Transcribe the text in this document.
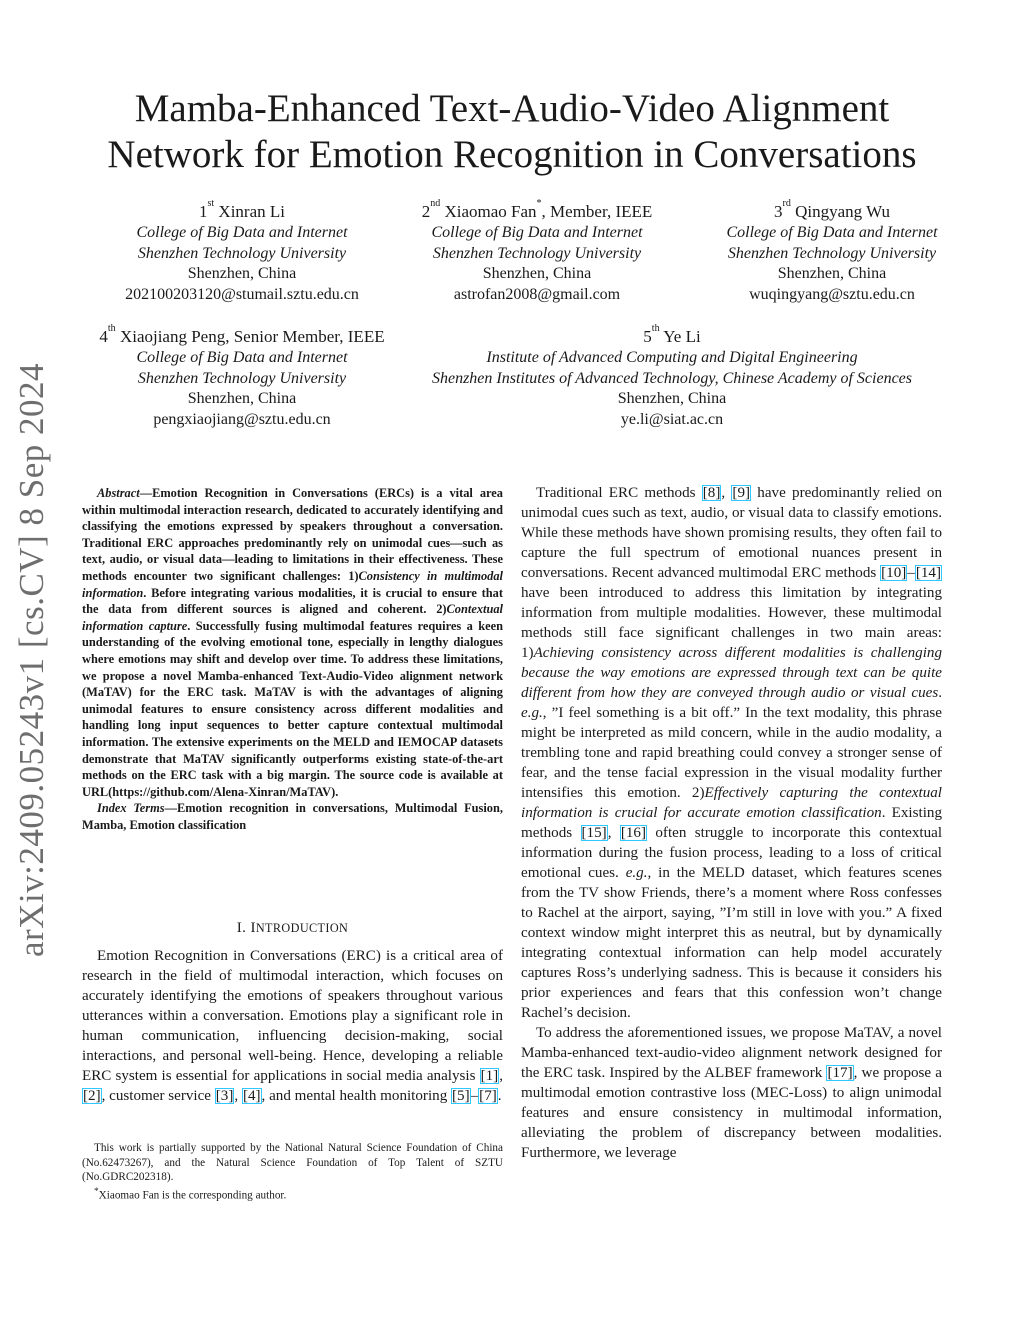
arXiv:2409.05243v1 [cs.CV] 8 Sep 2024
Mamba-Enhanced Text-Audio-Video Alignment
Network for Emotion Recognition in Conversations
1st Xinran Li
College of Big Data and Internet
Shenzhen Technology University
Shenzhen, China
202100203120@stumail.sztu.edu.cn
2nd Xiaomao Fan*, Member, IEEE
College of Big Data and Internet
Shenzhen Technology University
Shenzhen, China
astrofan2008@gmail.com
3rd Qingyang Wu
College of Big Data and Internet
Shenzhen Technology University
Shenzhen, China
wuqingyang@sztu.edu.cn
4th Xiaojiang Peng, Senior Member, IEEE
College of Big Data and Internet
Shenzhen Technology University
Shenzhen, China
pengxiaojiang@sztu.edu.cn
5th Ye Li
Institute of Advanced Computing and Digital Engineering
Shenzhen Institutes of Advanced Technology, Chinese Academy of Sciences
Shenzhen, China
ye.li@siat.ac.cn

Abstract—Emotion Recognition in Conversations (ERCs) is a vital area within multimodal interaction research, dedicated to accurately identifying and classifying the emotions expressed by speakers throughout a conversation. Traditional ERC approaches predominantly rely on unimodal cues—such as text, audio, or visual data—leading to limitations in their effectiveness. These methods encounter two significant challenges: 1)Consistency in multimodal information. Before integrating various modalities, it is crucial to ensure that the data from different sources is aligned and coherent. 2)Contextual information capture. Successfully fusing multimodal features requires a keen understanding of the evolving emotional tone, especially in lengthy dialogues where emotions may shift and develop over time. To address these limitations, we propose a novel Mamba-enhanced Text-Audio-Video alignment network (MaTAV) for the ERC task. MaTAV is with the advantages of aligning unimodal features to ensure consistency across different modalities and handling long input sequences to better capture contextual multimodal information. The extensive experiments on the MELD and IEMOCAP datasets demonstrate that MaTAV significantly outperforms existing state-of-the-art methods on the ERC task with a big margin. The source code is available at URL(https://github.com/Alena-Xinran/MaTAV).

Index Terms—Emotion recognition in conversations, Multimodal Fusion, Mamba, Emotion classification

I. INTRODUCTION

Emotion Recognition in Conversations (ERC) is a critical area of research in the field of multimodal interaction, which focuses on accurately identifying the emotions of speakers throughout various utterances within a conversation. Emotions play a significant role in human communication, influencing decision-making, social interactions, and personal well-being. Hence, developing a reliable ERC system is essential for applications in social media analysis [1], [2], customer service [3], [4], and mental health monitoring [5]–[7].

This work is partially supported by the National Natural Science Foundation of China (No.62473267), and the Natural Science Foundation of Top Talent of SZTU (No.GDRC202318).

*Xiaomao Fan is the corresponding author.

Traditional ERC methods [8], [9] have predominantly relied on unimodal cues such as text, audio, or visual data to classify emotions. While these methods have shown promising results, they often fail to capture the full spectrum of emotional nuances present in conversations. Recent advanced multimodal ERC methods [10]–[14] have been introduced to address this limitation by integrating information from multiple modalities. However, these multimodal methods still face significant challenges in two main areas: 1)Achieving consistency across different modalities is challenging because the way emotions are expressed through text can be quite different from how they are conveyed through audio or visual cues. e.g., ”I feel something is a bit off.” In the text modality, this phrase might be interpreted as mild concern, while in the audio modality, a trembling tone and rapid breathing could convey a stronger sense of fear, and the tense facial expression in the visual modality further intensifies this emotion. 2)Effectively capturing the contextual information is crucial for accurate emotion classification. Existing methods [15], [16] often struggle to incorporate this contextual information during the fusion process, leading to a loss of critical emotional cues. e.g., in the MELD dataset, which features scenes from the TV show Friends, there’s a moment where Ross confesses to Rachel at the airport, saying, ”I’m still in love with you.” A fixed context window might interpret this as neutral, but by dynamically integrating contextual information can help model accurately captures Ross’s underlying sadness. This is because it considers his prior experiences and fears that this confession won’t change Rachel’s decision.

To address the aforementioned issues, we propose MaTAV, a novel Mamba-enhanced text-audio-video alignment network designed for the ERC task. Inspired by the ALBEF framework [17], we propose a multimodal emotion contrastive loss (MEC-Loss) to align unimodal features and ensure consistency in multimodal information, alleviating the problem of discrepancy between modalities. Furthermore, we leverage
